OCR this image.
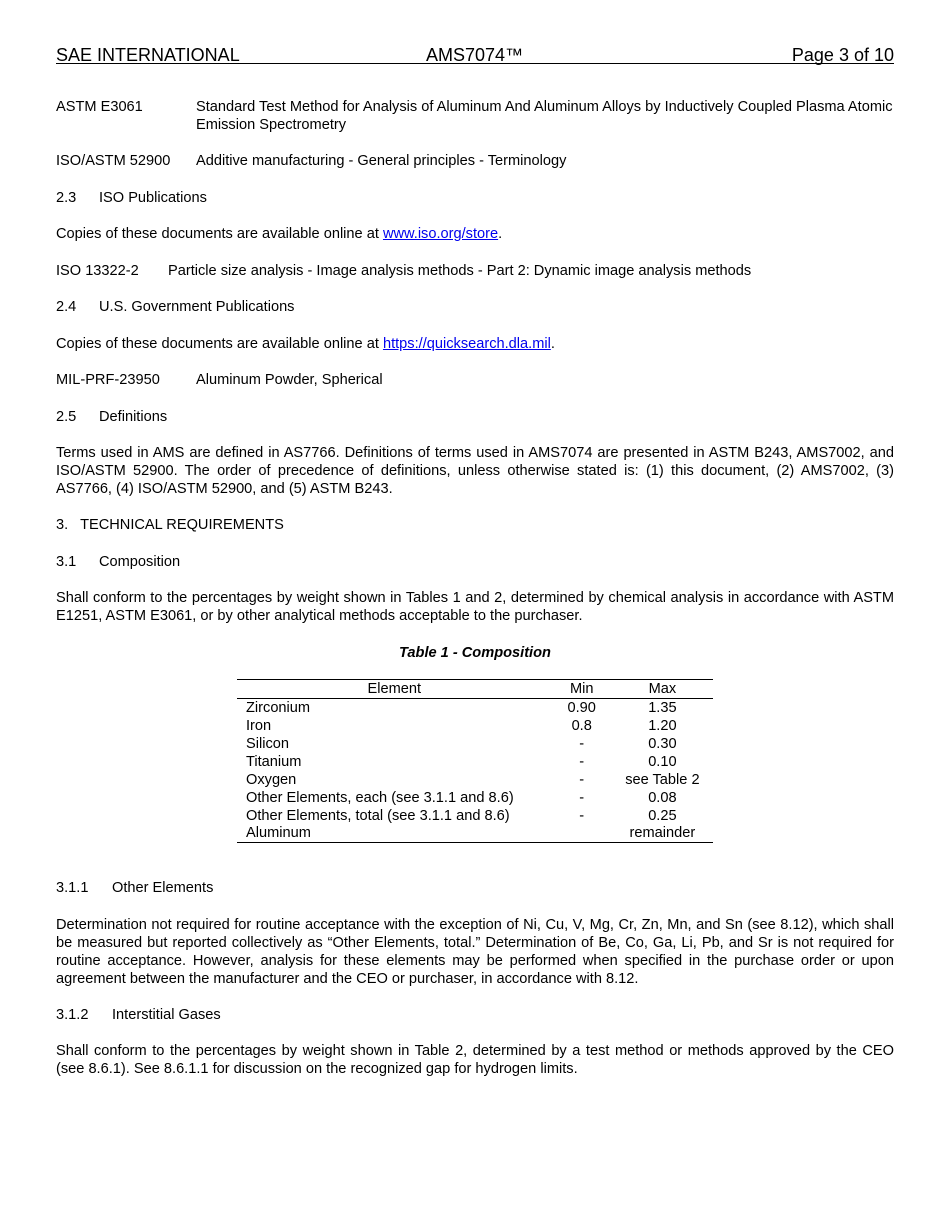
SAE INTERNATIONAL	AMS7074™	Page 3 of 10
ASTM E3061	Standard Test Method for Analysis of Aluminum And Aluminum Alloys by Inductively Coupled Plasma Atomic Emission Spectrometry
ISO/ASTM 52900 Additive manufacturing - General principles - Terminology
2.3 ISO Publications
Copies of these documents are available online at www.iso.org/store.
ISO 13322-2 Particle size analysis - Image analysis methods - Part 2: Dynamic image analysis methods
2.4 U.S. Government Publications
Copies of these documents are available online at https://quicksearch.dla.mil.
MIL-PRF-23950 Aluminum Powder, Spherical
2.5 Definitions
Terms used in AMS are defined in AS7766. Definitions of terms used in AMS7074 are presented in ASTM B243, AMS7002, and ISO/ASTM 52900. The order of precedence of definitions, unless otherwise stated is: (1) this document, (2) AMS7002, (3) AS7766, (4) ISO/ASTM 52900, and (5) ASTM B243.
3.   TECHNICAL REQUIREMENTS
3.1 Composition
Shall conform to the percentages by weight shown in Tables 1 and 2, determined by chemical analysis in accordance with ASTM E1251, ASTM E3061, or by other analytical methods acceptable to the purchaser.
Table 1 - Composition
Element	Min	Max
Zirconium	0.90	1.35
Iron	0.8	1.20
Silicon	-	0.30
Titanium	-	0.10
Oxygen	-	see Table 2
Other Elements, each (see 3.1.1 and 8.6)	-	0.08
Other Elements, total (see 3.1.1 and 8.6)	-	0.25
Aluminum		remainder
3.1.1 Other Elements
Determination not required for routine acceptance with the exception of Ni, Cu, V, Mg, Cr, Zn, Mn, and Sn (see 8.12), which shall be measured but reported collectively as “Other Elements, total.” Determination of Be, Co, Ga, Li, Pb, and Sr is not required for routine acceptance. However, analysis for these elements may be performed when specified in the purchase order or upon agreement between the manufacturer and the CEO or purchaser, in accordance with 8.12.
3.1.2 Interstitial Gases
Shall conform to the percentages by weight shown in Table 2, determined by a test method or methods approved by the CEO (see 8.6.1). See 8.6.1.1 for discussion on the recognized gap for hydrogen limits.
